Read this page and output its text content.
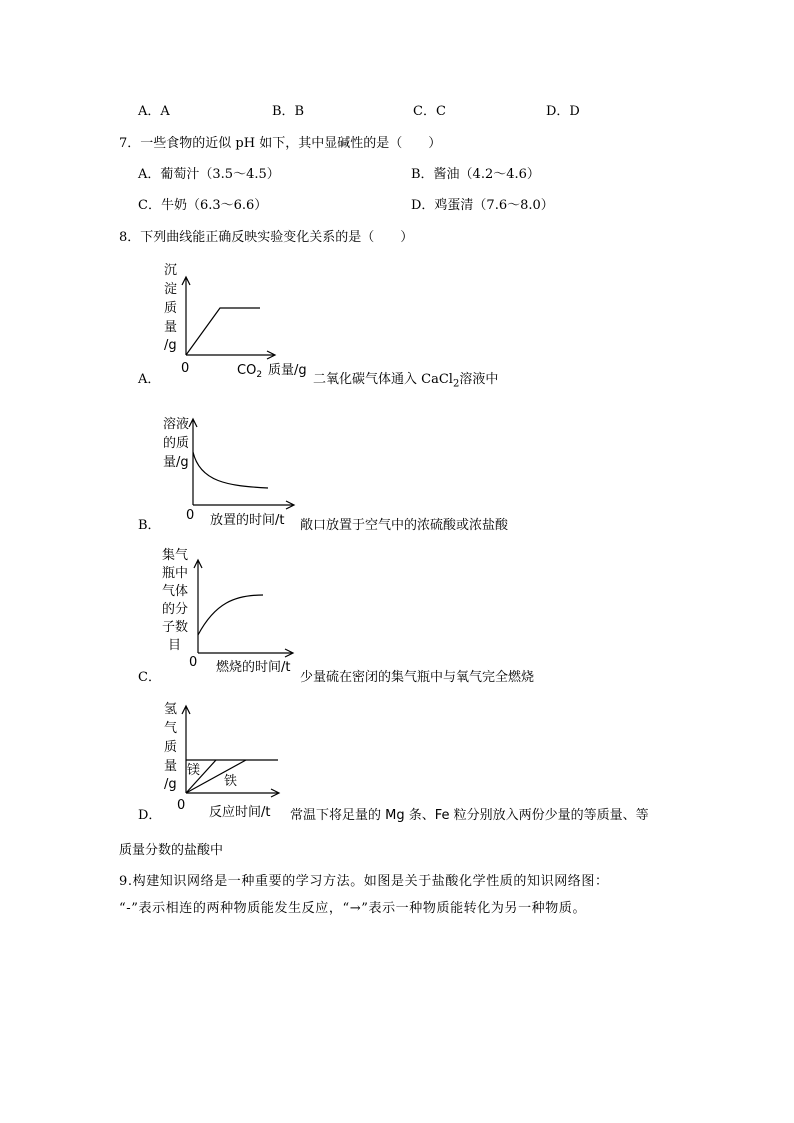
A．A	B．B	C．C	D．D
7．一些食物的近似 pH 如下，其中显碱性的是（　　）
A．葡萄汁（3.5～4.5）	B．酱油（4.2～4.6）
C．牛奶（6.3～6.6）	D．鸡蛋清（7.6～8.0）
8．下列曲线能正确反映实验变化关系的是（　　）
A．
沉
淀
质
量
/g
0	$CO_2$ 质量/g
二氧化碳气体通入 CaCl$_2$溶液中
B．
溶液
的质
量/g
0 放置的时间/t 敞口放置于空气中的浓硫酸或浓盐酸
C．
集气
瓶中
气体
的分
子数
目
0 燃烧的时间/t
少量硫在密闭的集气瓶中与氧气完全燃烧
D．
氢
气
质
量
/g
镁
铁
0 反应时间/t 常温下将足量的 Mg 条、Fe 粒分别放入两份少量的等质量、等
质量分数的盐酸中
9.构建知识网络是一种重要的学习方法。如图是关于盐酸化学性质的知识网络图：
“-”表示相连的两种物质能发生反应，“→”表示一种物质能转化为另一种物质。
